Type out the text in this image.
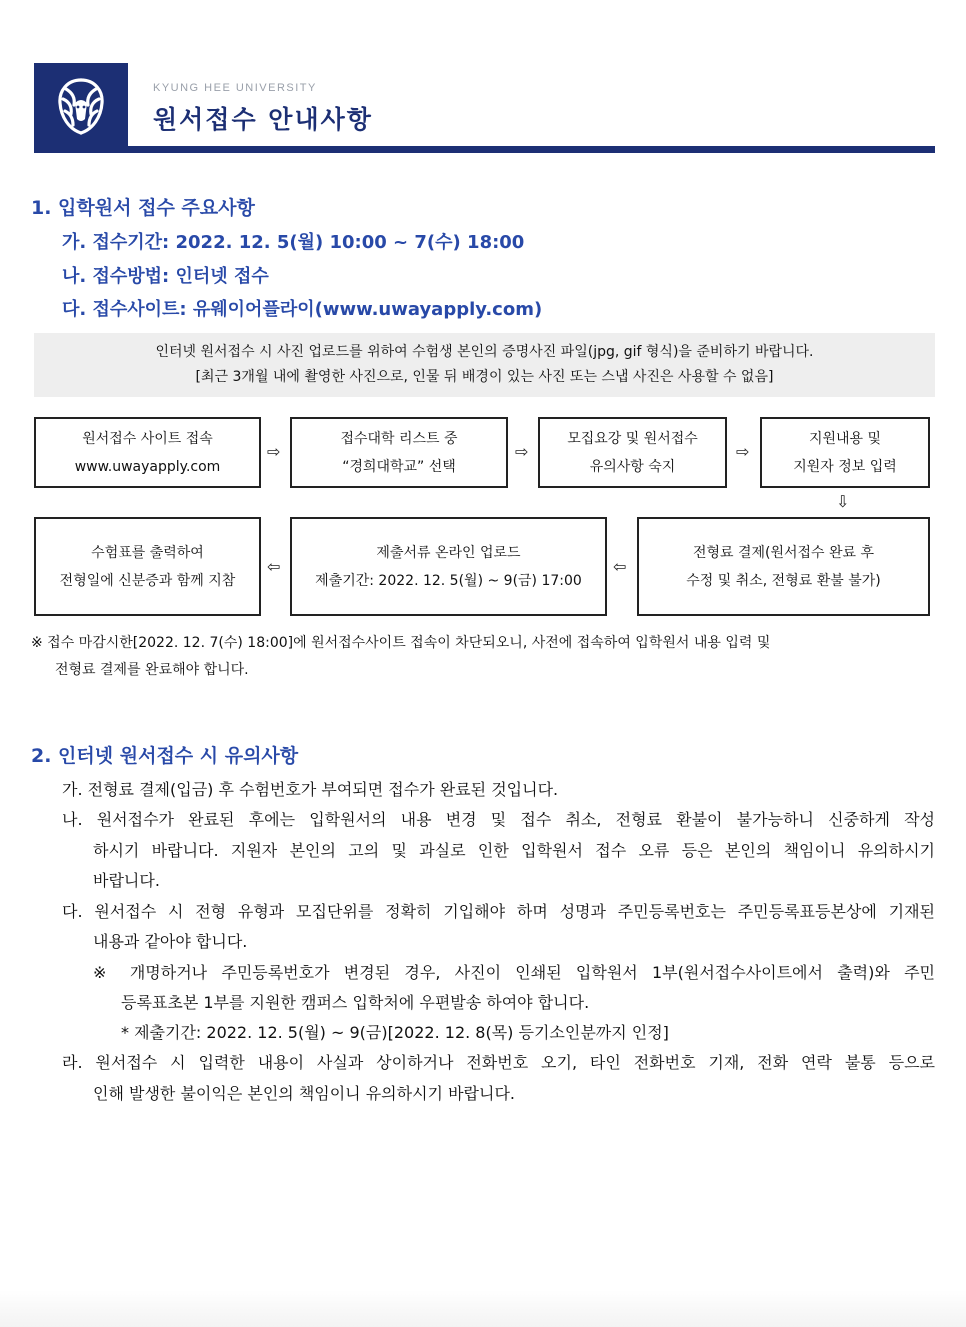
KYUNG HEE UNIVERSITY
원서접수 안내사항
1. 입학원서 접수 주요사항
가. 접수기간: 2022. 12. 5(월) 10:00 ~ 7(수) 18:00
나. 접수방법: 인터넷 접수
다. 접수사이트: 유웨이어플라이(www.uwayapply.com)
인터넷 원서접수 시 사진 업로드를 위하여 수험생 본인의 증명사진 파일(jpg, gif 형식)을 준비하기 바랍니다.
[최근 3개월 내에 촬영한 사진으로, 인물 뒤 배경이 있는 사진 또는 스냅 사진은 사용할 수 없음]
원서접수 사이트 접속
www.uwayapply.com
⇨
접수대학 리스트 중
“경희대학교” 선택
⇨
모집요강 및 원서접수
유의사항 숙지
⇨
지원내용 및
지원자 정보 입력
⇩
전형료 결제(원서접수 완료 후
수정 및 취소, 전형료 환불 불가)
⇦
제출서류 온라인 업로드
제출기간: 2022. 12. 5(월) ~ 9(금) 17:00
⇦
수험표를 출력하여
전형일에 신분증과 함께 지참
※ 접수 마감시한[2022. 12. 7(수) 18:00]에 원서접수사이트 접속이 차단되오니, 사전에 접속하여 입학원서 내용 입력 및
전형료 결제를 완료해야 합니다.
2. 인터넷 원서접수 시 유의사항
가. 전형료 결제(입금) 후 수험번호가 부여되면 접수가 완료된 것입니다.
나. 원서접수가 완료된 후에는 입학원서의 내용 변경 및 접수 취소, 전형료 환불이 불가능하니 신중하게 작성
하시기 바랍니다. 지원자 본인의 고의 및 과실로 인한 입학원서 접수 오류 등은 본인의 책임이니 유의하시기
바랍니다.
다. 원서접수 시 전형 유형과 모집단위를 정확히 기입해야 하며 성명과 주민등록번호는 주민등록표등본상에 기재된
내용과 같아야 합니다.
※ 개명하거나 주민등록번호가 변경된 경우, 사진이 인쇄된 입학원서 1부(원서접수사이트에서 출력)와 주민
등록표초본 1부를 지원한 캠퍼스 입학처에 우편발송 하여야 합니다.
* 제출기간: 2022. 12. 5(월) ~ 9(금)[2022. 12. 8(목) 등기소인분까지 인정]
라. 원서접수 시 입력한 내용이 사실과 상이하거나 전화번호 오기, 타인 전화번호 기재, 전화 연락 불통 등으로
인해 발생한 불이익은 본인의 책임이니 유의하시기 바랍니다.
